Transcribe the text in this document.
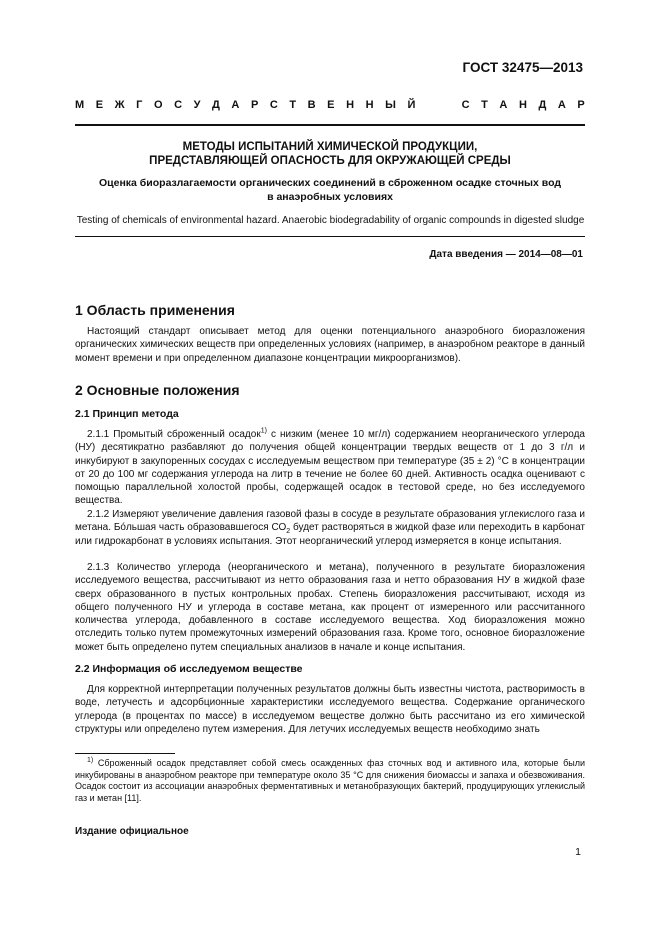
ГОСТ 32475—2013
М Е Ж Г О С У Д А Р С Т В Е Н Н Ы Й	С Т А Н Д А Р
МЕТОДЫ ИСПЫТАНИЙ ХИМИЧЕСКОЙ ПРОДУКЦИИ,
ПРЕДСТАВЛЯЮЩЕЙ ОПАСНОСТЬ ДЛЯ ОКРУЖАЮЩЕЙ СРЕДЫ
Оценка биоразлагаемости органических соединений в сброженном осадке сточных вод
в анаэробных условиях
Testing of chemicals of environmental hazard. Anaerobic biodegradability of organic compounds in digested sludge
Дата введения — 2014—08—01
1 Область применения
Настоящий стандарт описывает метод для оценки потенциального анаэробного биоразложения органических химических веществ при определенных условиях (например, в анаэробном реакторе в данный момент времени и при определенном диапазоне концентрации микроорганизмов).
2 Основные положения
2.1 Принцип метода
2.1.1 Промытый сброженный осадок$^{1)}$ с низким (менее 10 мг/л) содержанием неорганического углерода (НУ) десятикратно разбавляют до получения общей концентрации твердых веществ от 1 до 3 г/л и инкубируют в закупоренных сосудах с исследуемым веществом при температуре (35 ± 2) °С в концентрации от 20 до 100 мг содержания углерода на литр в течение не более 60 дней. Активность осадка оценивают с помощью параллельной холостой пробы, содержащей осадок в тестовой среде, но без исследуемого вещества.
2.1.2 Измеряют увеличение давления газовой фазы в сосуде в результате образования углекислого газа и метана. Бóльшая часть образовавшегося $СО_2$ будет растворяться в жидкой фазе или переходить в карбонат или гидрокарбонат в условиях испытания. Этот неорганический углерод измеряется в конце испытания.
2.1.3 Количество углерода (неорганического и метана), полученного в результате биоразложения исследуемого вещества, рассчитывают из нетто образования газа и нетто образования НУ в жидкой фазе сверх образованного в пустых контрольных пробах. Степень биоразложения рассчитывают, исходя из общего полученного НУ и углерода в составе метана, как процент от измеренного или рассчитанного количества углерода, добавленного в составе исследуемого вещества. Ход биоразложения можно отследить только путем промежуточных измерений образования газа. Кроме того, основное биоразложение может быть определено путем специальных анализов в начале и конце испытания.
2.2 Информация об исследуемом веществе
Для корректной интерпретации полученных результатов должны быть известны чистота, растворимость в воде, летучесть и адсорбционные характеристики исследуемого вещества. Содержание органического углерода (в процентах по массе) в исследуемом веществе должно быть рассчитано из его химической структуры или определено путем измерения. Для летучих исследуемых веществ необходимо знать
$^{1)}$ Сброженный осадок представляет собой смесь осажденных фаз сточных вод и активного ила, которые были инкубированы в анаэробном реакторе при температуре около 35 °С для снижения биомассы и запаха и обезвоживания. Осадок состоит из ассоциации анаэробных ферментативных и метанобразующих бактерий, продуцирующих углекислый газ и метан [11].
Издание официальное
1
